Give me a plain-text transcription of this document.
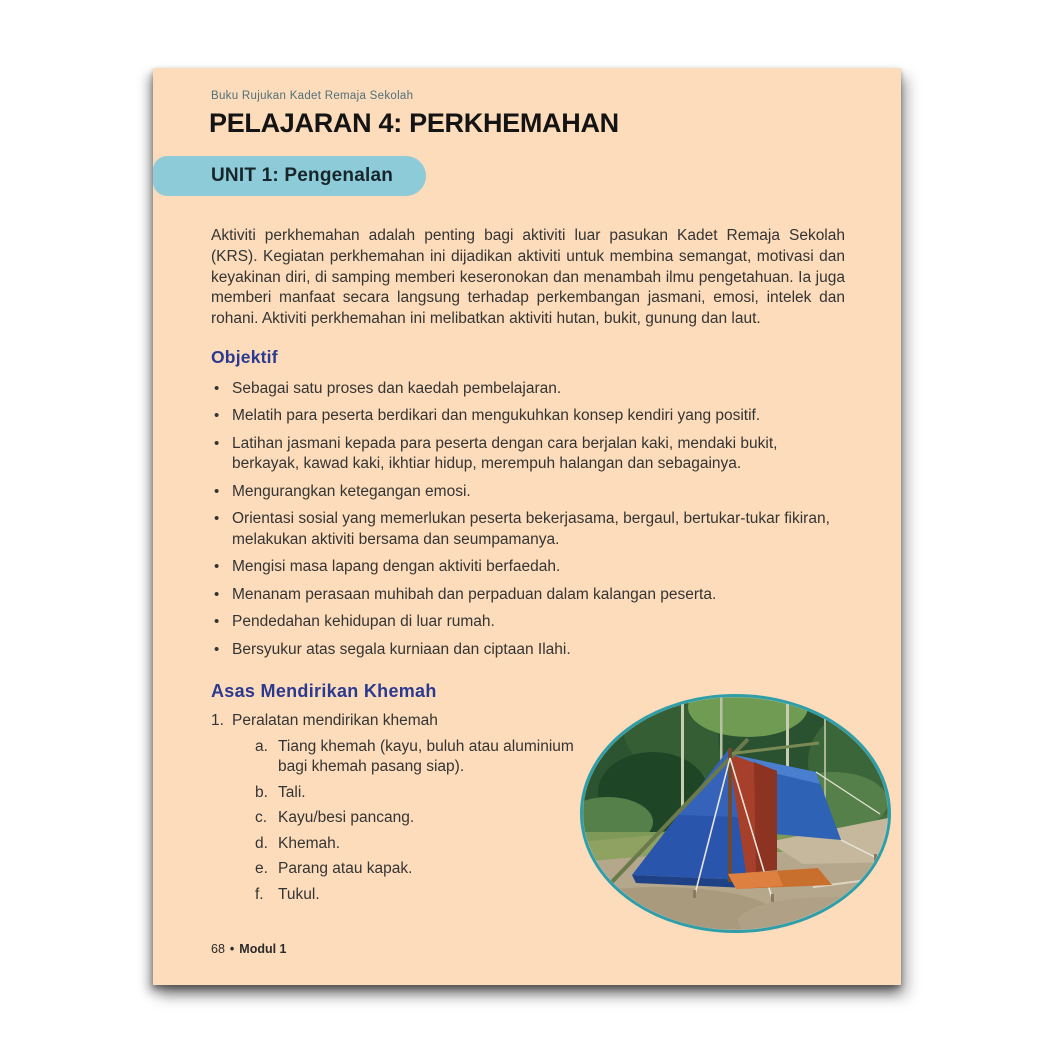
Buku Rujukan Kadet Remaja Sekolah
PELAJARAN 4: PERKHEMAHAN
UNIT 1: Pengenalan

Aktiviti perkhemahan adalah penting bagi aktiviti luar pasukan Kadet Remaja Sekolah (KRS). Kegiatan perkhemahan ini dijadikan aktiviti untuk membina semangat, motivasi dan keyakinan diri, di samping memberi keseronokan dan menambah ilmu pengetahuan. Ia juga memberi manfaat secara langsung terhadap perkembangan jasmani, emosi, intelek dan rohani. Aktiviti perkhemahan ini melibatkan aktiviti hutan, bukit, gunung dan laut.

Objektif
• Sebagai satu proses dan kaedah pembelajaran.
• Melatih para peserta berdikari dan mengukuhkan konsep kendiri yang positif.
• Latihan jasmani kepada para peserta dengan cara berjalan kaki, mendaki bukit, berkayak, kawad kaki, ikhtiar hidup, merempuh halangan dan sebagainya.
• Mengurangkan ketegangan emosi.
• Orientasi sosial yang memerlukan peserta bekerjasama, bergaul, bertukar-tukar fikiran, melakukan aktiviti bersama dan seumpamanya.
• Mengisi masa lapang dengan aktiviti berfaedah.
• Menanam perasaan muhibah dan perpaduan dalam kalangan peserta.
• Pendedahan kehidupan di luar rumah.
• Bersyukur atas segala kurniaan dan ciptaan Ilahi.
Asas Mendirikan Khemah
1. Peralatan mendirikan khemah
a. Tiang khemah (kayu, buluh atau aluminium bagi khemah pasang siap).
b. Tali.
c. Kayu/besi pancang.
d. Khemah.
e. Parang atau kapak.
f. Tukul.
68 • Modul 1
